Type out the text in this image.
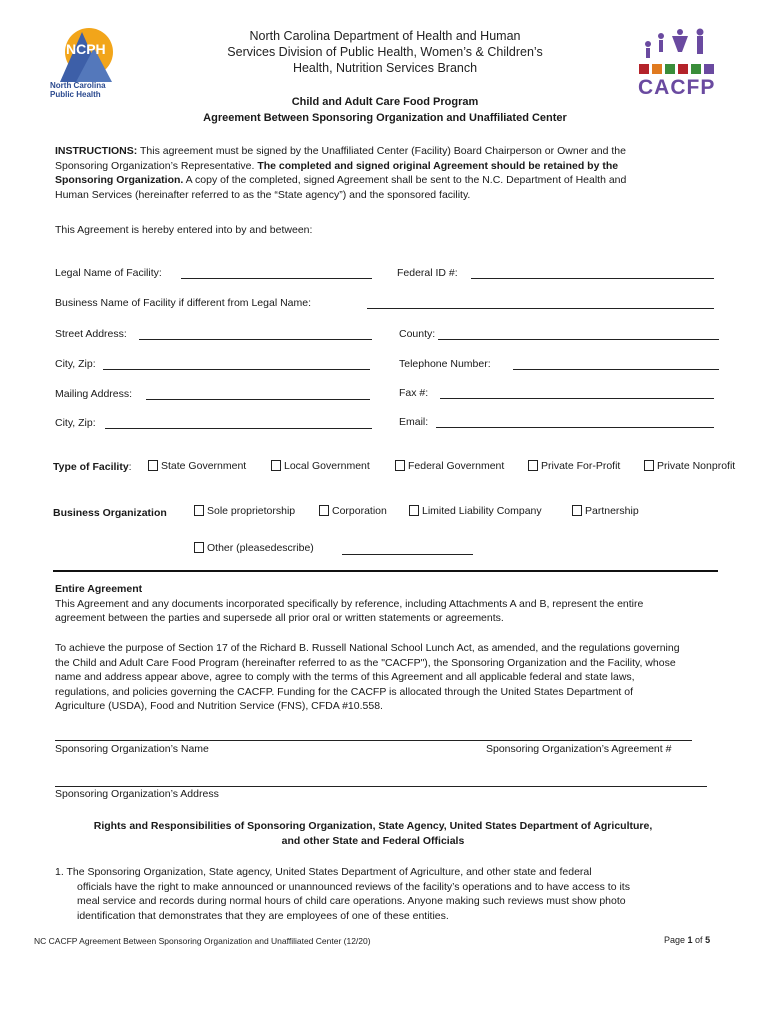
NCPH
North Carolina
Public Health
North Carolina Department of Health and Human
Services Division of Public Health, Women’s & Children’s
Health, Nutrition Services Branch
CACFP
Child and Adult Care Food Program
Agreement Between Sponsoring Organization and Unaffiliated Center

INSTRUCTIONS: This agreement must be signed by the Unaffiliated Center (Facility) Board Chairperson or Owner and the

Sponsoring Organization’s Representative. The completed and signed original Agreement should be retained by the

Sponsoring Organization. A copy of the completed, signed Agreement shall be sent to the N.C. Department of Health and

Human Services (hereinafter referred to as the “State agency”) and the sponsored facility.

This Agreement is hereby entered into by and between:
Legal Name of Facility:	Federal ID #:
Business Name of Facility if different from Legal Name:
Street Address:	County:
City, Zip:	Telephone Number:
Mailing Address:	Fax #:
City, Zip:	Email:
Type of Facility:	State Government	Local Government	Federal Government	Private For-Profit	Private Nonprofit
Business Organization	Sole proprietorship	Corporation	Limited Liability Company	Partnership
Other (pleasedescribe)

Entire Agreement

This Agreement and any documents incorporated specifically by reference, including Attachments A and B, represent the entire

agreement between the parties and supersede all prior oral or written statements or agreements.

To achieve the purpose of Section 17 of the Richard B. Russell National School Lunch Act, as amended, and the regulations governing

the Child and Adult Care Food Program (hereinafter referred to as the "CACFP"), the Sponsoring Organization and the Facility, whose

name and address appear above, agree to comply with the terms of this Agreement and all applicable federal and state laws,

regulations, and policies governing the CACFP. Funding for the CACFP is allocated through the United States Department of

Agriculture (USDA), Food and Nutrition Service (FNS), CFDA #10.558.

Sponsoring Organization’s Name	Sponsoring Organization’s Agreement #
Sponsoring Organization’s Address
Rights and Responsibilities of Sponsoring Organization, State Agency, United States Department of Agriculture,
and other State and Federal Officials
1. The Sponsoring Organization, State agency, United States Department of Agriculture, and other state and federal
officials have the right to make announced or unannounced reviews of the facility’s operations and to have access to its
meal service and records during normal hours of child care operations. Anyone making such reviews must show photo
identification that demonstrates that they are employees of one of these entities.
NC CACFP Agreement Between Sponsoring Organization and Unaffiliated Center (12/20)	Page 1 of 5
